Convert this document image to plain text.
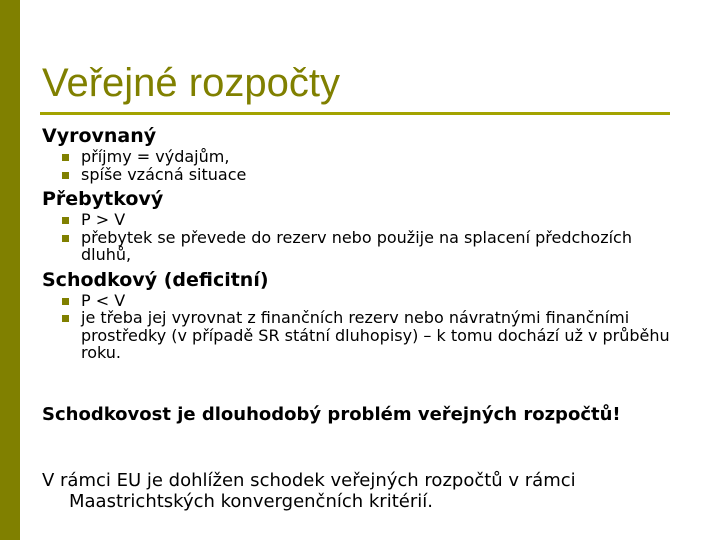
Veřejné rozpočty

Vyrovnaný

příjmy = výdajům,
spíše vzácná situace

Přebytkový

P > V
přebytek se převede do rezerv nebo použije na splacení předchozích dluhů,

Schodkový (deficitní)

P < V
je třeba jej vyrovnat z finančních rezerv nebo návratnými finančními prostředky (v případě SR státní dluhopisy) – k tomu dochází už v průběhu roku.
Schodkovost je dlouhodobý problém veřejných rozpočtů!
V rámci EU je dohlížen schodek veřejných rozpočtů v rámci Maastrichtských konvergenčních kritérií.
